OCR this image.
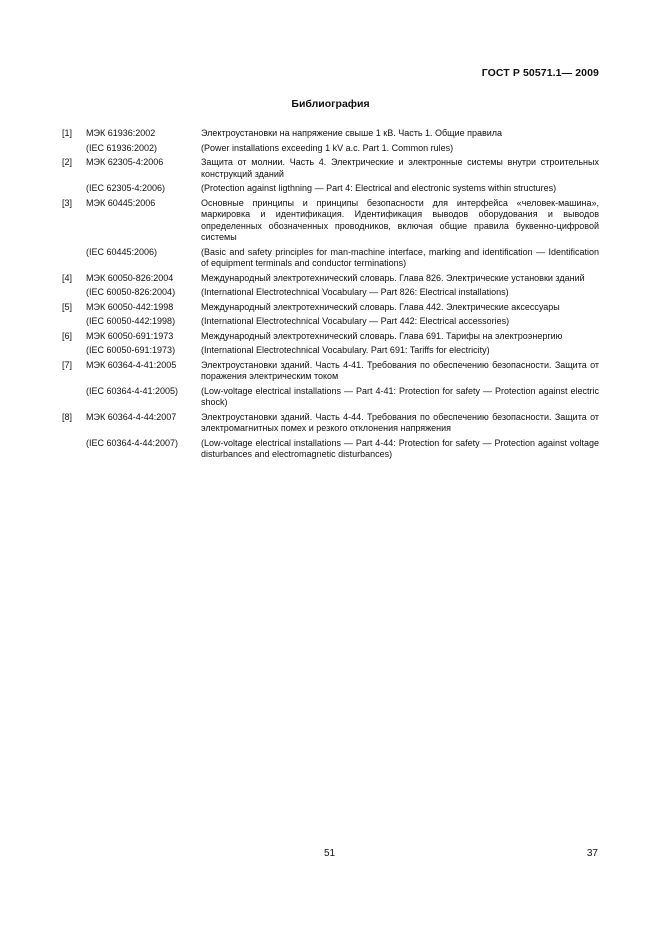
ГОСТ Р 50571.1— 2009
Библиография
[1]	МЭК 61936:2002	Электроустановки на напряжение свыше 1 кВ. Часть 1. Общие правила
(IEC 61936:2002)	(Power installations exceeding 1 kV a.c. Part 1. Common rules)
[2]	МЭК 62305-4:2006	Защита от молнии. Часть 4. Электрические и электронные системы внутри строительных конструкций зданий
(IEC 62305-4:2006)	(Protection against ligthning — Part 4: Electrical and electronic systems within structures)
[3]	МЭК 60445:2006	Основные принципы и принципы безопасности для интерфейса «человек-машина», маркировка и идентификация. Идентификация выводов оборудования и выводов определенных обозначенных проводников, включая общие правила буквенно-цифровой системы
(IEC 60445:2006)	(Basic and safety principles for man-machine interface, marking and identification — Identification of equipment terminals and conductor terminations)
[4]	МЭК 60050-826:2004	Международный электротехнический словарь. Глава 826. Электрические установки зданий
(IEC 60050-826:2004)	(International Electrotechnical Vocabulary — Part 826: Electrical installations)
[5]	МЭК 60050-442:1998	Международный электротехнический словарь. Глава 442. Электрические аксессуары
(IEC 60050-442:1998)	(International Electrotechnical Vocabulary — Part 442: Electrical accessories)
[6]	МЭК 60050-691:1973	Международный электротехнический словарь. Глава 691. Тарифы на электроэнергию
(IEC 60050-691:1973)	(International Electrotechnical Vocabulary. Part 691: Tariffs for electricity)
[7]	МЭК 60364-4-41:2005	Электроустановки зданий. Часть 4-41. Требования по обеспечению безопасности. Защита от поражения электрическим током
(IEC 60364-4-41:2005)	(Low-voltage electrical installations — Part 4-41: Protection for safety — Protection against electric shock)
[8]	МЭК 60364-4-44:2007	Электроустановки зданий. Часть 4-44. Требования по обеспечению безопасности. Защита от электромагнитных помех и резкого отклонения напряжения
(IEC 60364-4-44:2007)	(Low-voltage electrical installations — Part 4-44: Protection for safety — Protection against voltage disturbances and electromagnetic disturbances)
51	37
